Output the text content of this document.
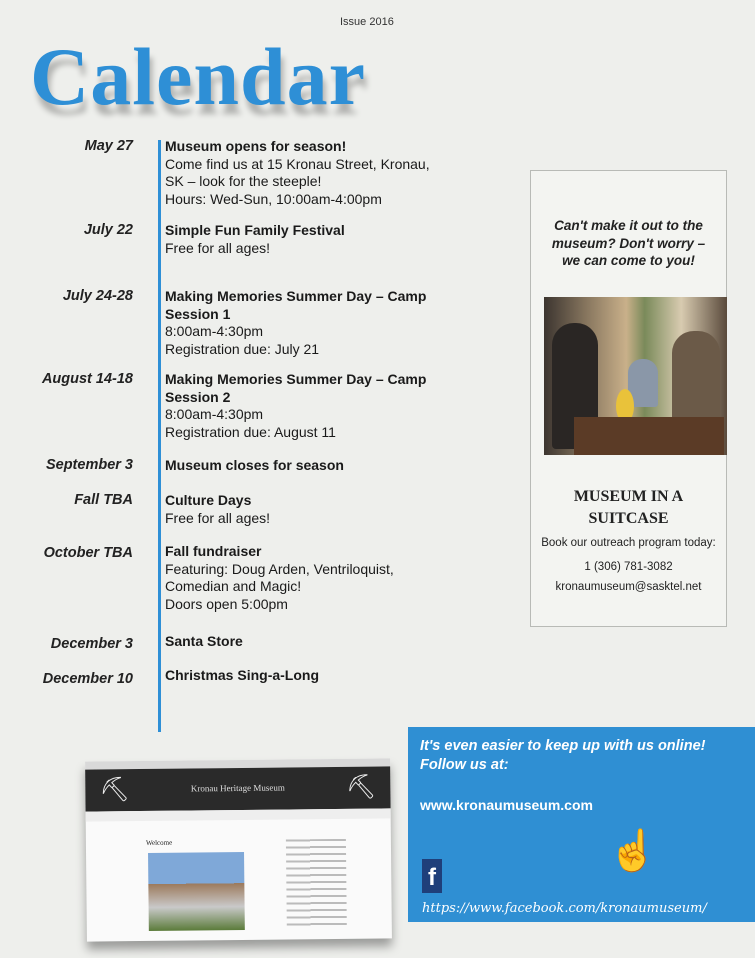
Issue 2016
Calendar
May 27 Museum opens for season!
Come find us at 15 Kronau Street, Kronau,
SK – look for the steeple!
Hours: Wed-Sun, 10:00am-4:00pm
July 22 Simple Fun Family Festival
Free for all ages!
July 24-28 Making Memories Summer Day – Camp
Session 1
8:00am-4:30pm
Registration due: July 21
August 14-18 Making Memories Summer Day – Camp
Session 2
8:00am-4:30pm
Registration due: August 11
September 3 Museum closes for season
Fall TBA Culture Days
Free for all ages!
October TBA Fall fundraiser
Featuring: Doug Arden, Ventriloquist,
Comedian and Magic!
Doors open 5:00pm
December 3 Santa Store
December 10 Christmas Sing-a-Long
Can't make it out to the
museum? Don't worry –
we can come to you!
MUSEUM IN A
SUITCASE
Book our outreach program today:
1 (306) 781-3082
kronaumuseum@sasktel.net
⛏	Kronau Heritage Museum	⛏
Welcome
It's even easier to keep up with us online!
Follow us at:
www.kronaumuseum.com
f
☝
https://www.facebook.com/kronaumuseum/
